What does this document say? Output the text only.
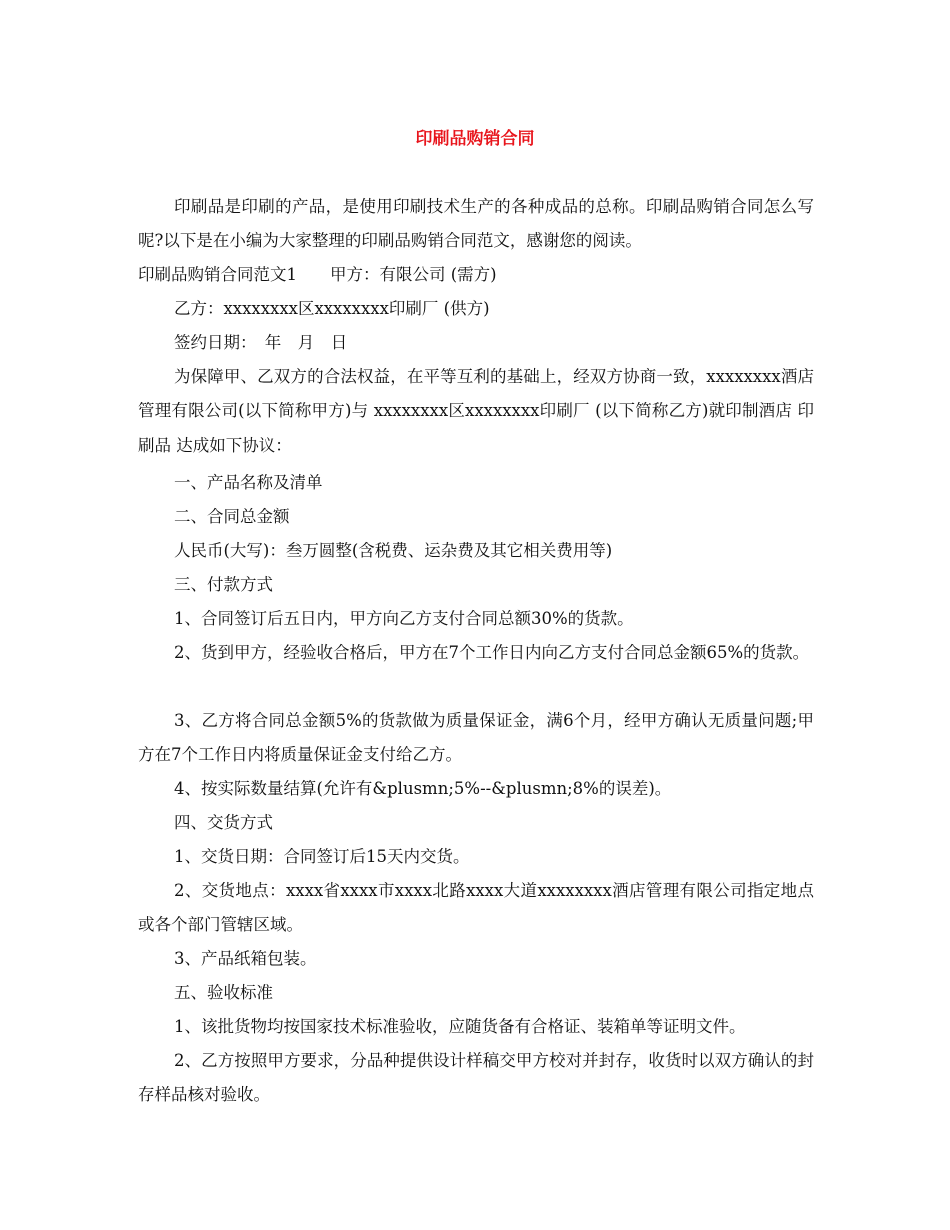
印刷品购销合同
印刷品是印刷的产品，是使用印刷技术生产的各种成品的总称。印刷品购销合同怎么写呢?以下是在小编为大家整理的印刷品购销合同范文，感谢您的阅读。
印刷品购销合同范文1　　甲方：有限公司 (需方)
乙方：xxxxxxxx区xxxxxxxx印刷厂 (供方)
签约日期：　年　月　日
为保障甲、乙双方的合法权益，在平等互利的基础上，经双方协商一致，xxxxxxxx酒店管理有限公司(以下简称甲方)与 xxxxxxxx区xxxxxxxx印刷厂 (以下简称乙方)就印制酒店 印刷品 达成如下协议：
一、产品名称及清单
二、合同总金额
人民币(大写)：叁万圆整(含税费、运杂费及其它相关费用等)
三、付款方式
1、合同签订后五日内，甲方向乙方支付合同总额30%的货款。
2、货到甲方，经验收合格后，甲方在7个工作日内向乙方支付合同总金额65%的货款。
3、乙方将合同总金额5%的货款做为质量保证金，满6个月，经甲方确认无质量问题;甲方在7个工作日内将质量保证金支付给乙方。
4、按实际数量结算(允许有&plusmn;5%--&plusmn;8%的误差)。
四、交货方式
1、交货日期：合同签订后15天内交货。
2、交货地点：xxxx省xxxx市xxxx北路xxxx大道xxxxxxxx酒店管理有限公司指定地点或各个部门管辖区域。
3、产品纸箱包装。
五、验收标准
1、该批货物均按国家技术标准验收，应随货备有合格证、装箱单等证明文件。
2、乙方按照甲方要求，分品种提供设计样稿交甲方校对并封存，收货时以双方确认的封存样品核对验收。
